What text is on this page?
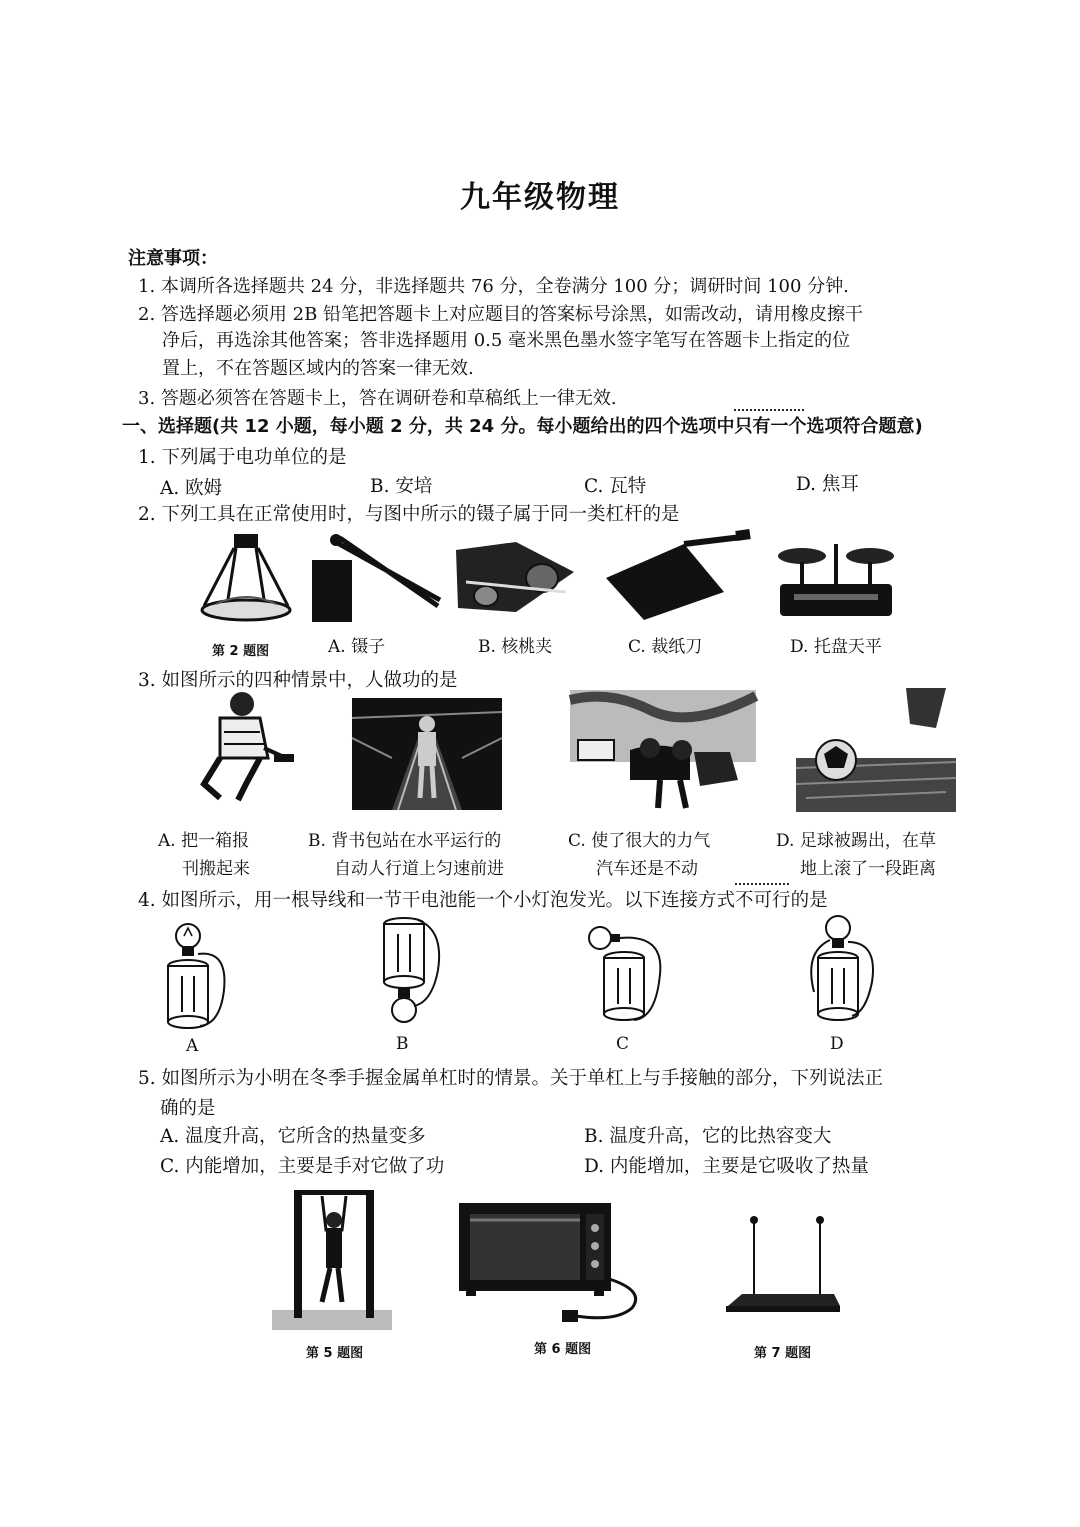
九年级物理
注意事项：
1. 本调所各选择题共 24 分，非选择题共 76 分，全卷满分 100 分；调研时间 100 分钟.
2. 答选择题必须用 2B 铅笔把答题卡上对应题目的答案标号涂黑，如需改动，请用橡皮擦干
净后，再选涂其他答案；答非选择题用 0.5 毫米黑色墨水签字笔写在答题卡上指定的位
置上，不在答题区域内的答案一律无效.
3. 答题必须答在答题卡上，答在调研卷和草稿纸上一律无效.
一、选择题(共 12 小题，每小题 2 分，共 24 分。每小题给出的四个选项中只有一个选项符合题意)
1. 下列属于电功单位的是
A. 欧姆	B. 安培	C. 瓦特	D. 焦耳
2. 下列工具在正常使用时，与图中所示的镊子属于同一类杠杆的是
第 2 题图	A. 镊子	B. 核桃夹	C. 裁纸刀	D. 托盘天平
3. 如图所示的四种情景中，人做功的是
A. 把一箱报
刊搬起来
B. 背书包站在水平运行的
自动人行道上匀速前进
C. 使了很大的力气
汽车还是不动
D. 足球被踢出，在草
地上滚了一段距离
4. 如图所示，用一根导线和一节干电池能一个小灯泡发光。以下连接方式不可行的是
A	B	C	D
5. 如图所示为小明在冬季手握金属单杠时的情景。关于单杠上与手接触的部分，下列说法正
确的是
A. 温度升高，它所含的热量变多	B. 温度升高，它的比热容变大
C. 内能增加，主要是手对它做了功	D. 内能增加，主要是它吸收了热量
第 5 题图	第 6 题图	第 7 题图
